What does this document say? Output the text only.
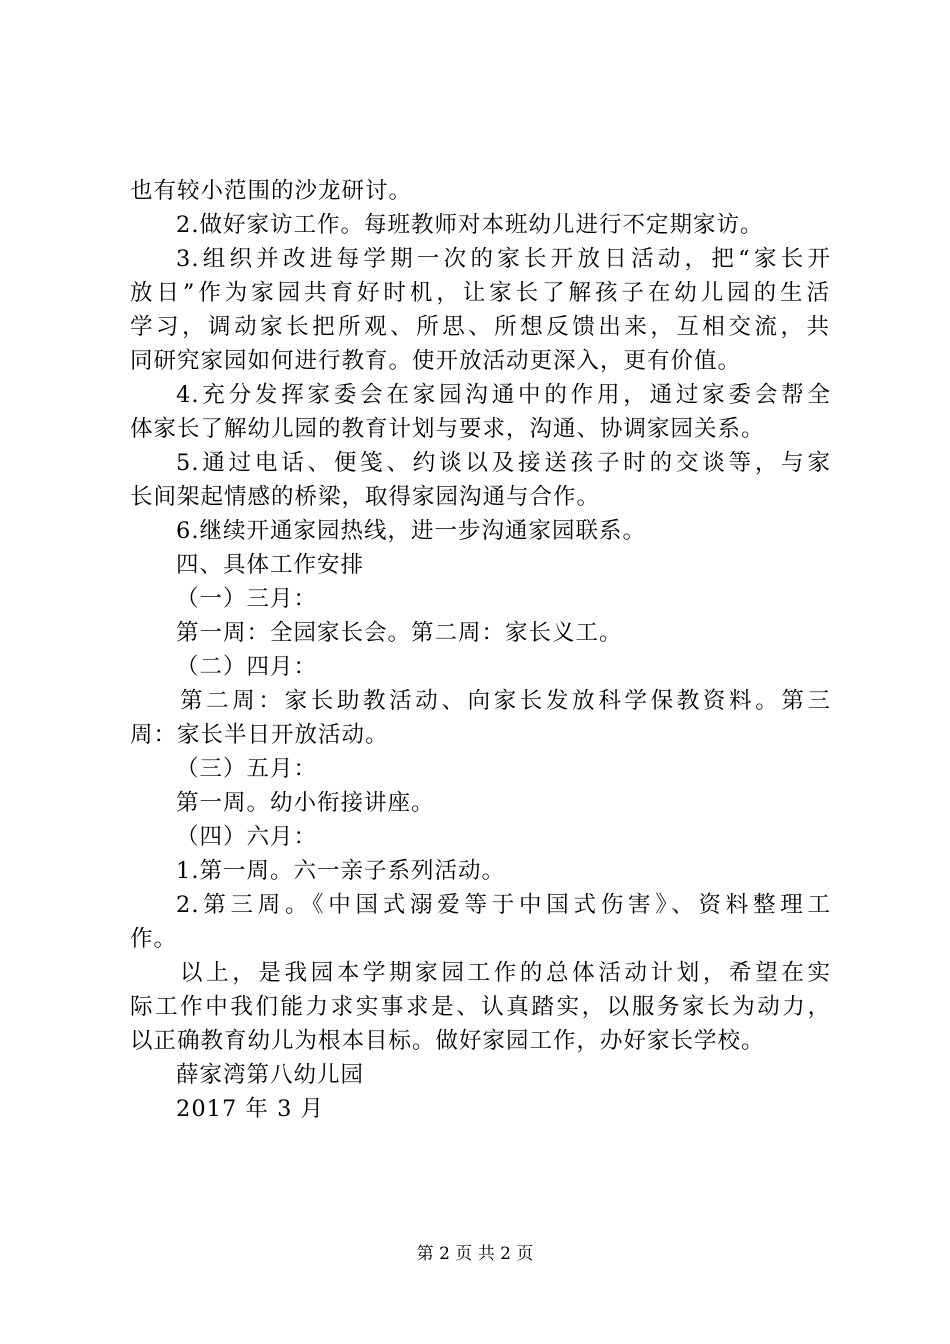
也有较小范围的沙龙研讨。
2.做好家访工作。每班教师对本班幼儿进行不定期家访。
3.组织并改进每学期一次的家长开放日活动，把“家长开
放日”作为家园共育好时机，让家长了解孩子在幼儿园的生活
学习，调动家长把所观、所思、所想反馈出来，互相交流，共
同研究家园如何进行教育。使开放活动更深入，更有价值。
4.充分发挥家委会在家园沟通中的作用，通过家委会帮全
体家长了解幼儿园的教育计划与要求，沟通、协调家园关系。
5.通过电话、便笺、约谈以及接送孩子时的交谈等，与家
长间架起情感的桥梁，取得家园沟通与合作。
6.继续开通家园热线，进一步沟通家园联系。
四、具体工作安排
（一）三月：
第一周：全园家长会。第二周：家长义工。
（二）四月：
第二周：家长助教活动、向家长发放科学保教资料。第三
周：家长半日开放活动。
（三）五月：
第一周。幼小衔接讲座。
（四）六月：
1.第一周。六一亲子系列活动。
2.第三周。《中国式溺爱等于中国式伤害》、资料整理工
作。
以上，是我园本学期家园工作的总体活动计划，希望在实
际工作中我们能力求实事求是、认真踏实，以服务家长为动力，
以正确教育幼儿为根本目标。做好家园工作，办好家长学校。
薛家湾第八幼儿园
2017 年 3 月
第 2 页 共 2 页
